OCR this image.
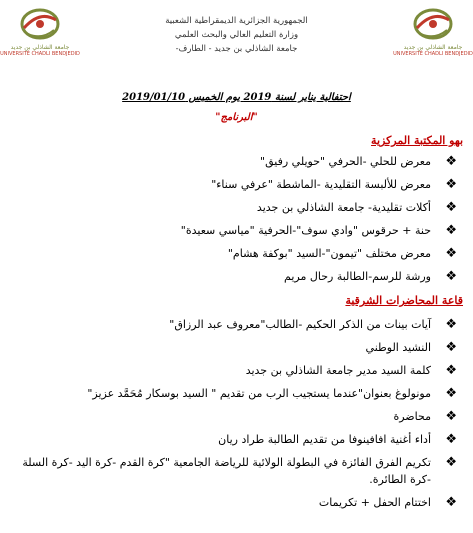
جامعة الشاذلي بن جديد
UNIVERSITÉ CHADLI BENDJEDID
جامعة الشاذلي بن جديد
UNIVERSITÉ CHADLI BENDJEDID
الجمهورية الجزائرية الديمقراطية الشعبية
وزارة التعليم العالي والبحث العلمي
جامعة الشاذلي بن جديد - الطارف-
احتفالية يناير لسنة 2019 يوم الخميس 2019/01/10
"البرنامج"
بهو المكتبة المركزية
❖
معرض للحلي -الحرفي "حويلي رفيق"
❖
معرض للألبسة التقليدية -الماشطة "عرفي سناء"
❖
أكلات تقليدية- جامعة الشاذلي بن جديد
❖
حنة + حرقوس "وادي سوف"-الحرفية "مياسي سعيدة"
❖
معرض مختلف "تيمون"-السيد "بوكفة هشام"
❖
ورشة للرسم-الطالبة رحال مريم
قاعة المحاضرات الشرقية
❖
آيات بينات من الذكر الحكيم -الطالب"معروف عبد الرزاق"
❖
النشيد الوطني
❖
كلمة السيد مدير جامعة الشاذلي بن جديد
❖
مونولوغ بعنوان"عندما يستجيب الرب من تقديم " السيد بوسكار مُحَمَّد عزيز"
❖
محاضرة
❖
أداء أغنية افافينوفا من تقديم الطالبة طراد ريان
❖
تكريم الفرق الفائزة في البطولة الولائية للرياضة الجامعية "كرة القدم -كرة اليد -كرة السلة -كرة الطائرة.
❖
اختتام الحفل + تكريمات
